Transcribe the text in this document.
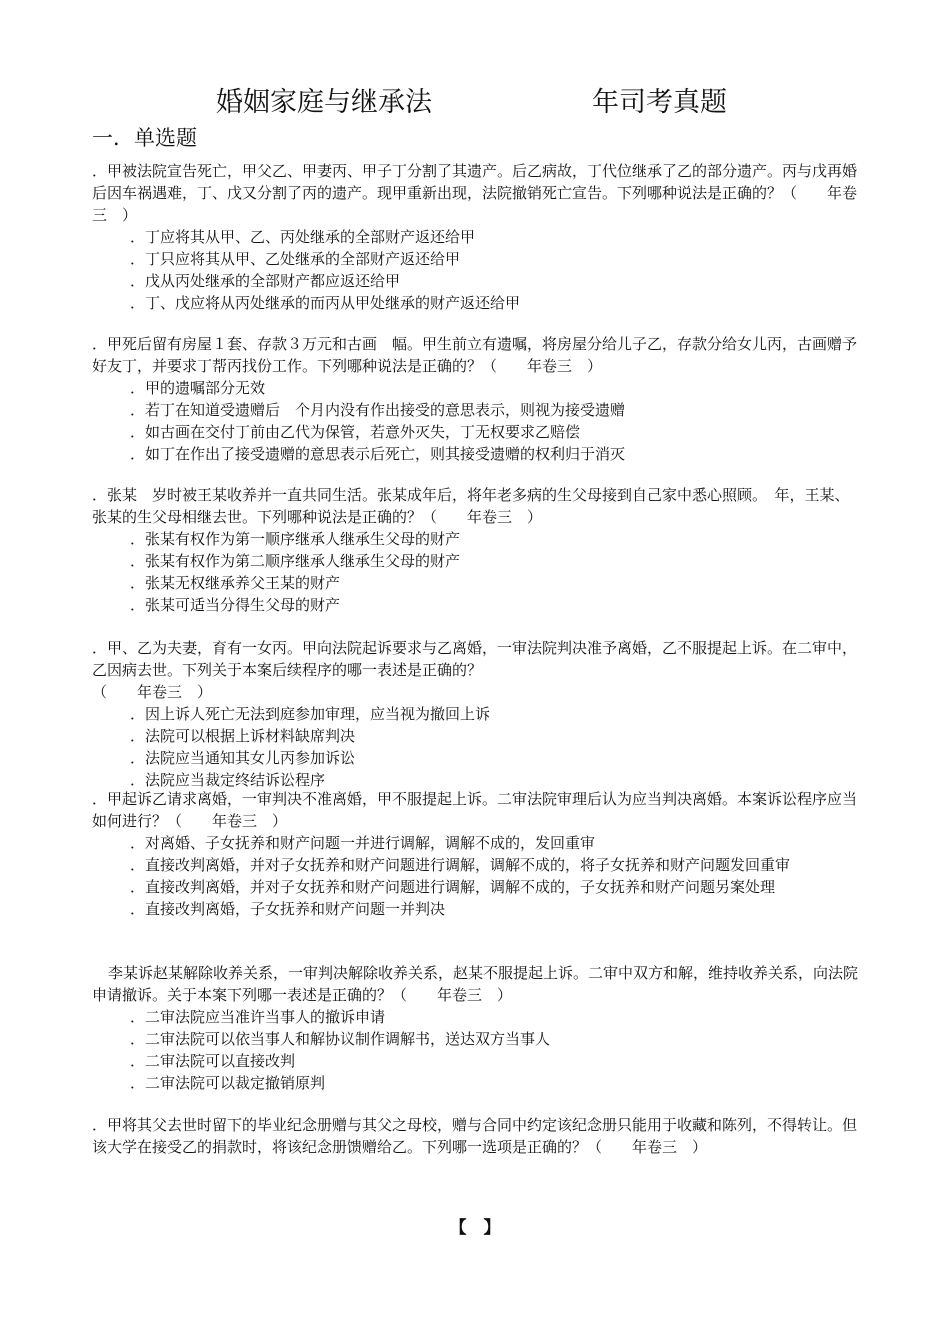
婚姻家庭与继承法	年司考真题
一．单选题
．甲被法院宣告死亡，甲父乙、甲妻丙、甲子丁分割了其遗产。后乙病故，丁代位继承了乙的部分遗产。丙与戊再婚后因车祸遇难，丁、戊又分割了丙的遗产。现甲重新出现，法院撤销死亡宣告。下列哪种说法是正确的？（　　年卷三　）
．丁应将其从甲、乙、丙处继承的全部财产返还给甲
．丁只应将其从甲、乙处继承的全部财产返还给甲
．戊从丙处继承的全部财产都应返还给甲
．丁、戊应将从丙处继承的而丙从甲处继承的财产返还给甲
．甲死后留有房屋１套、存款３万元和古画　幅。甲生前立有遗嘱，将房屋分给儿子乙，存款分给女儿丙，古画赠予好友丁，并要求丁帮丙找份工作。下列哪种说法是正确的？（　　年卷三　）
．甲的遗嘱部分无效
．若丁在知道受遗赠后　个月内没有作出接受的意思表示，则视为接受遗赠
．如古画在交付丁前由乙代为保管，若意外灭失，丁无权要求乙赔偿
．如丁在作出了接受遗赠的意思表示后死亡，则其接受遗赠的权利归于消灭
．张某　岁时被王某收养并一直共同生活。张某成年后，将年老多病的生父母接到自己家中悉心照顾。　年，王某、张某的生父母相继去世。下列哪种说法是正确的？（　　年卷三　）
．张某有权作为第一顺序继承人继承生父母的财产
．张某有权作为第二顺序继承人继承生父母的财产
．张某无权继承养父王某的财产
．张某可适当分得生父母的财产
．甲、乙为夫妻，育有一女丙。甲向法院起诉要求与乙离婚，一审法院判决准予离婚，乙不服提起上诉。在二审中，乙因病去世。下列关于本案后续程序的哪一表述是正确的？
（　　年卷三　）
．因上诉人死亡无法到庭参加审理，应当视为撤回上诉
．法院可以根据上诉材料缺席判决
．法院应当通知其女儿丙参加诉讼
．法院应当裁定终结诉讼程序
．甲起诉乙请求离婚，一审判决不准离婚，甲不服提起上诉。二审法院审理后认为应当判决离婚。本案诉讼程序应当如何进行？（　　年卷三　）
．对离婚、子女抚养和财产问题一并进行调解，调解不成的，发回重审
．直接改判离婚，并对子女抚养和财产问题进行调解，调解不成的，将子女抚养和财产问题发回重审
．直接改判离婚，并对子女抚养和财产问题进行调解，调解不成的，子女抚养和财产问题另案处理
．直接改判离婚，子女抚养和财产问题一并判决
李某诉赵某解除收养关系，一审判决解除收养关系，赵某不服提起上诉。二审中双方和解，维持收养关系，向法院申请撤诉。关于本案下列哪一表述是正确的？（　　年卷三　）
．二审法院应当准许当事人的撤诉申请
．二审法院可以依当事人和解协议制作调解书，送达双方当事人
．二审法院可以直接改判
．二审法院可以裁定撤销原判
．甲将其父去世时留下的毕业纪念册赠与其父之母校，赠与合同中约定该纪念册只能用于收藏和陈列，不得转让。但该大学在接受乙的捐款时，将该纪念册馈赠给乙。下列哪一选项是正确的？（　　年卷三　）
【　】
